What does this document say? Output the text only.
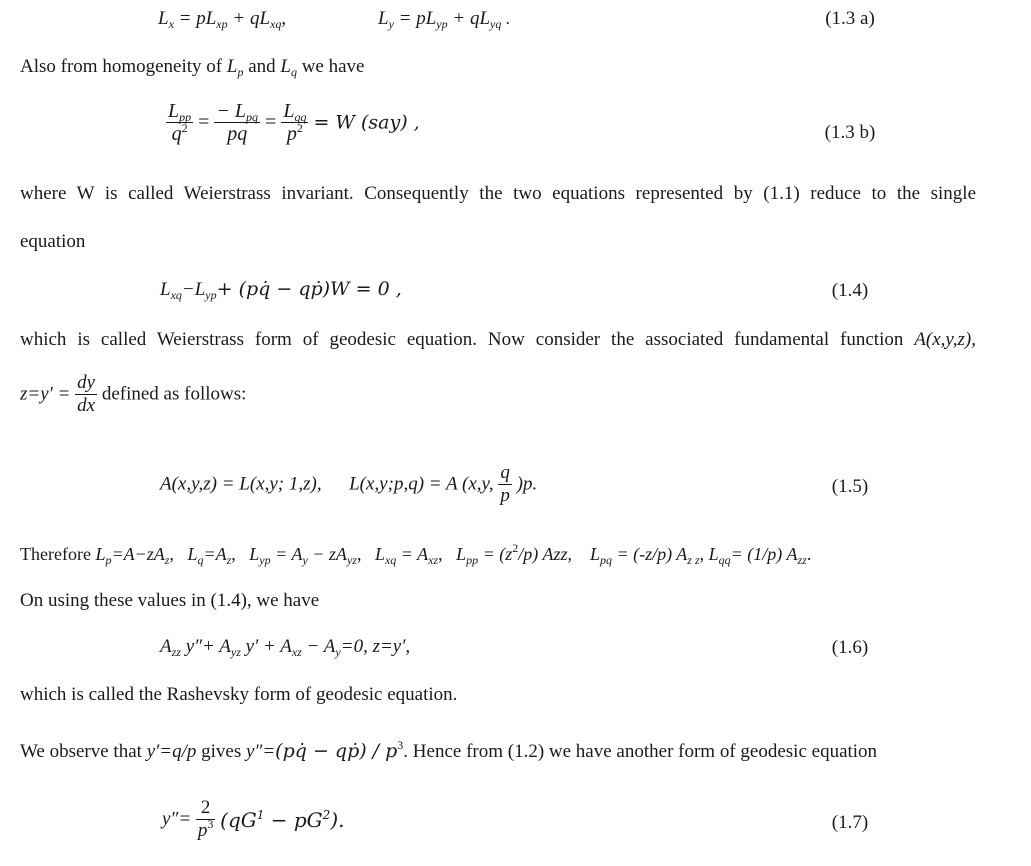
$L_x = pL_{xp} + qL_{xq}$,	$L_y = pL_{yp} + qL_{yq}$ .	(1.3 a)
Also from homogeneity of $L_p$ and $L_q$ we have
$\frac{L_{pp}}{q^2} = \frac{- L_{pq}}{pq} = \frac{L_{qq}}{p^2} = W$ (say) ,	(1.3 b)
where W is called Weierstrass invariant. Consequently the two equations represented by (1.1) reduce to the single
equation
$L_{xq}-L_{yp}+$ (pq̇ − qṗ)W = 0 ,	(1.4)
which is called Weierstrass form of geodesic equation. Now consider the associated fundamental function A(x,y,z),
$z=y' = \frac{dy}{dx}$ defined as follows:
A(x,y,z) = L(x,y; 1,z), L(x,y;p,q) = A (x,y, $\frac{q}{p} )p$.	(1.5)
Therefore $L_p=A-zA_z$,   $L_q=A_z$,   $L_{yp} = A_y - zA_{yz}$,   $L_{xq} = A_{xz}$,   $L_{pp} = (z^2/p)$ Azz, $L_{pq} = (-z/p)$ $A_{z z}$, $L_{qq}= (1/p)$ $A_{zz}$.
On using these values in (1.4), we have
$A_{zz}$ $y''+ A_{yz}$ $y' + A_{xz} - A_y=0$, z=y′,	(1.6)
which is called the Rashevsky form of geodesic equation.
We observe that y′=q/p gives y″=(pq̇ − qṗ) / $p^3$. Hence from (1.2) we have another form of geodesic equation
$y''= \frac{2}{p^3} (qG^1 - pG^2)$.	(1.7)
